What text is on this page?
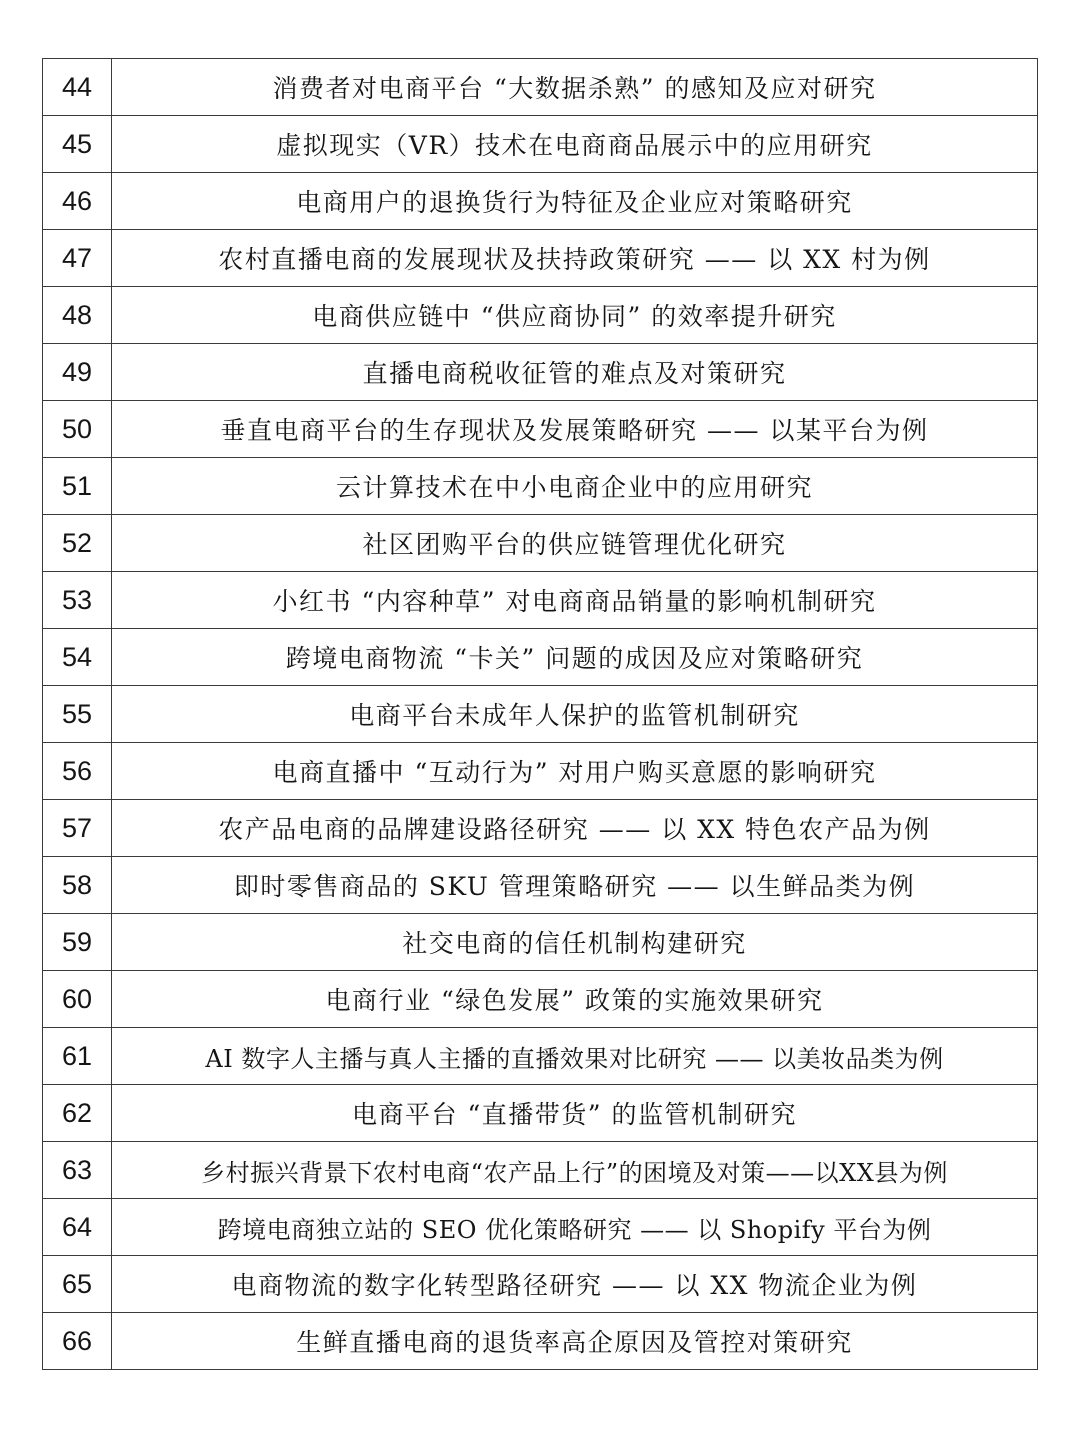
44	消费者对电商平台 “大数据杀熟” 的感知及应对研究
45	虚拟现实（VR）技术在电商商品展示中的应用研究
46	电商用户的退换货行为特征及企业应对策略研究
47	农村直播电商的发展现状及扶持政策研究 —— 以 XX 村为例
48	电商供应链中 “供应商协同” 的效率提升研究
49	直播电商税收征管的难点及对策研究
50	垂直电商平台的生存现状及发展策略研究 —— 以某平台为例
51	云计算技术在中小电商企业中的应用研究
52	社区团购平台的供应链管理优化研究
53	小红书 “内容种草” 对电商商品销量的影响机制研究
54	跨境电商物流 “卡关” 问题的成因及应对策略研究
55	电商平台未成年人保护的监管机制研究
56	电商直播中 “互动行为” 对用户购买意愿的影响研究
57	农产品电商的品牌建设路径研究 —— 以 XX 特色农产品为例
58	即时零售商品的 SKU 管理策略研究 —— 以生鲜品类为例
59	社交电商的信任机制构建研究
60	电商行业 “绿色发展” 政策的实施效果研究
61	AI 数字人主播与真人主播的直播效果对比研究 —— 以美妆品类为例
62	电商平台 “直播带货” 的监管机制研究
63	乡村振兴背景下农村电商“农产品上行”的困境及对策——以XX县为例
64	跨境电商独立站的 SEO 优化策略研究 —— 以 Shopify 平台为例
65	电商物流的数字化转型路径研究 —— 以 XX 物流企业为例
66	生鲜直播电商的退货率高企原因及管控对策研究
